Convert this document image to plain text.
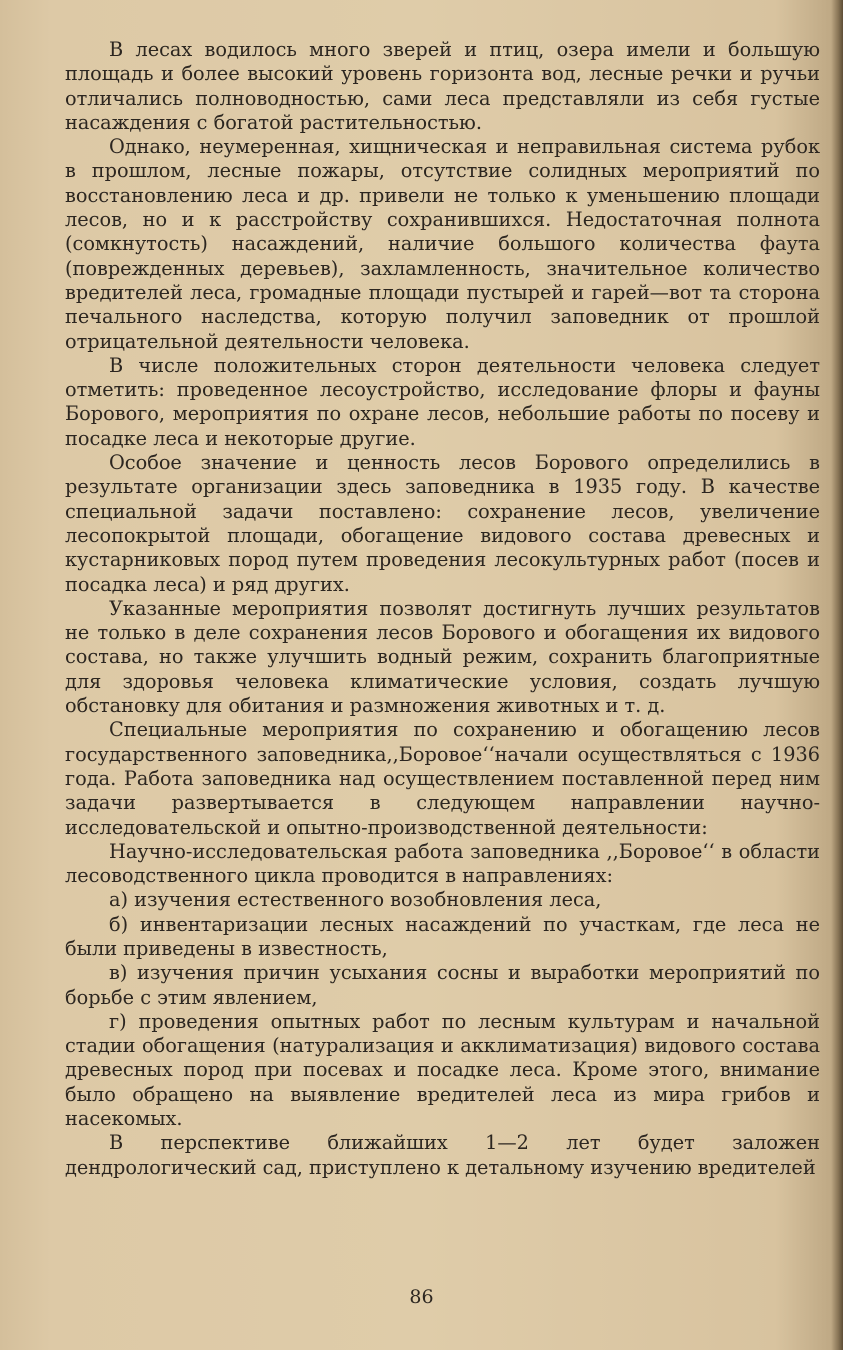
В лесах водилось много зверей и птиц, озера имели и большую площадь и более высокий уровень горизонта вод, лесные речки и ручьи отличались полноводностью, сами леса представляли из себя густые насаждения с богатой растительностью.

Однако, неумеренная, хищническая и неправильная система рубок в прошлом, лесные пожары, отсутствие солидных мероприятий по восстановлению леса и др. привели не только к уменьшению площади лесов, но и к расстройству сохранившихся. Недостаточная полнота (сомкнутость) насаждений, наличие большого количества фаута (поврежденных деревьев), захламленность, значительное количество вредителей леса, громадные площади пустырей и гарей—вот та сторона печального наследства, которую получил заповедник от прошлой отрицательной деятельности человека.

В числе положительных сторон деятельности человека следует отметить: проведенное лесоустройство, исследование флоры и фауны Борового, мероприятия по охране лесов, небольшие работы по посеву и посадке леса и некоторые другие.

Особое значение и ценность лесов Борового определились в результате организации здесь заповедника в 1935 году. В качестве специальной задачи поставлено: сохранение лесов, увеличение лесопокрытой площади, обогащение видового состава древесных и кустарниковых пород путем проведения лесокультурных работ (посев и посадка леса) и ряд других.

Указанные мероприятия позволят достигнуть лучших результатов не только в деле сохранения лесов Борового и обогащения их видового состава, но также улучшить водный режим, сохранить благоприятные для здоровья человека климатические условия, создать лучшую обстановку для обитания и размножения животных и т. д.

Специальные мероприятия по сохранению и обогащению лесов государственного заповедника,,Боровое‘‘начали осуществляться с 1936 года. Работа заповедника над осуществлением поставленной перед ним задачи развертывается в следующем направлении научно-исследовательской и опытно-производственной деятельности:

Научно-исследовательская работа заповедника ,,Боровое‘‘ в области лесоводственного цикла проводится в направлениях:

а) изучения естественного возобновления леса,

б) инвентаризации лесных насаждений по участкам, где леса не были приведены в известность,

в) изучения причин усыхания сосны и выработки мероприятий по борьбе с этим явлением,

г) проведения опытных работ по лесным культурам и начальной стадии обогащения (натурализация и акклиматизация) видового состава древесных пород при посевах и посадке леса. Кроме этого, внимание было обращено на выявление вредителей леса из мира грибов и насекомых.

В перспективе ближайших 1—2 лет будет заложен дендрологический сад, приступлено к детальному изучению вредителей

86
